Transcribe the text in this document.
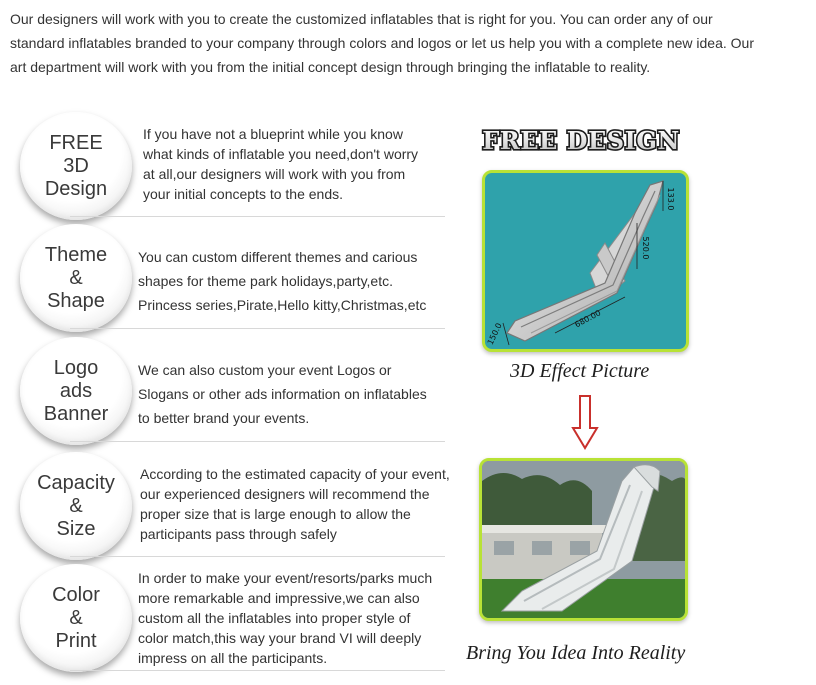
Our designers will work with you to create the customized inflatables that is right for you. You can order any of our
standard inflatables branded to your company through colors and logos or let us help you with a complete new idea. Our
art department will work with you from the initial concept design through bringing the inflatable to reality.
FREE
3D
Design
If you have not a blueprint while you know
what kinds of inflatable you need,don't worry
at all,our designers will work with you from
your initial concepts to the ends.
Theme
&
Shape
You can custom different themes and carious
shapes for theme park holidays,party,etc.
Princess series,Pirate,Hello kitty,Christmas,etc
Logo
ads
Banner
We can also custom your event Logos or
Slogans or other ads information on inflatables
to better brand your events.
Capacity
&
Size
According to the estimated capacity of your event,
our experienced designers will recommend the
proper size that is large enough to allow the
participants pass through safely
Color
&
Print
In order to make your event/resorts/parks much
more remarkable and impressive,we can also
custom all the inflatables into proper style of
color match,this way your brand VI will deeply
impress on all the participants.
FREE DESIGN
133.0
520.0
680.00
150.0
3D Effect Picture
Bring You Idea Into Reality
